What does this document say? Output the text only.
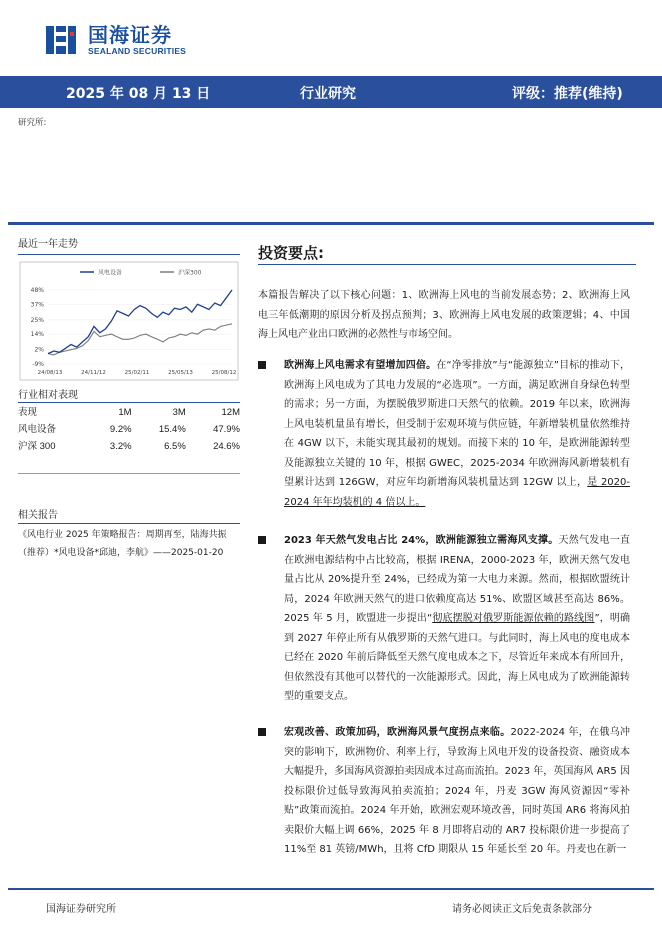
国海证券
SEALAND SECURITIES
2025 年 08 月 13 日	行业研究	评级：推荐(维持)
研究所:
最近一年走势
风电设备	沪深300
-9%
2%
14%
25%
37%
48%
24/08/13	24/11/12	25/02/11	25/05/13	25/08/12
行业相对表现
表现	1M	3M	12M
风电设备	9.2%	15.4%	47.9%
沪深 300	3.2%	6.5%	24.6%
相关报告
《风电行业 2025 年策略报告：周期再至，陆海共振（推荐）*风电设备*邱迪，李航》——2025-01-20
投资要点:
本篇报告解决了以下核心问题：1、欧洲海上风电的当前发展态势；2、欧洲海上风电三年低潮期的原因分析及拐点预判；3、欧洲海上风电发展的政策逻辑；4、中国海上风电产业出口欧洲的必然性与市场空间。
欧洲海上风电需求有望增加四倍。在“净零排放”与“能源独立”目标的推动下，欧洲海上风电成为了其电力发展的“必选项”。一方面，满足欧洲自身绿色转型的需求；另一方面，为摆脱俄罗斯进口天然气的依赖。2019 年以来，欧洲海上风电装机量虽有增长，但受制于宏观环境与供应链，年新增装机量依然维持在 4GW 以下，未能实现其最初的规划。而接下来的 10 年，是欧洲能源转型及能源独立关键的 10 年，根据 GWEC，2025-2034 年欧洲海风新增装机有望累计达到 126GW，对应年均新增海风装机量达到 12GW 以上，是 2020-2024 年年均装机的 4 倍以上。
2023 年天然气发电占比 24%，欧洲能源独立需海风支撑。天然气发电一直在欧洲电源结构中占比较高，根据 IRENA，2000-2023 年，欧洲天然气发电量占比从 20%提升至 24%，已经成为第一大电力来源。然而，根据欧盟统计局，2024 年欧洲天然气的进口依赖度高达 51%、欧盟区域甚至高达 86%。2025 年 5 月，欧盟进一步提出“彻底摆脱对俄罗斯能源依赖的路线图”，明确到 2027 年停止所有从俄罗斯的天然气进口。与此同时，海上风电的度电成本已经在 2020 年前后降低至天然气度电成本之下，尽管近年来成本有所回升，但依然没有其他可以替代的一次能源形式。因此，海上风电成为了欧洲能源转型的重要支点。
宏观改善、政策加码，欧洲海风景气度拐点来临。2022-2024 年，在俄乌冲突的影响下，欧洲物价、利率上行，导致海上风电开发的设备投资、融资成本大幅提升，多国海风资源拍卖因成本过高而流拍。2023 年，英国海风 AR5 因投标限价过低导致海风拍卖流拍；2024 年，丹麦 3GW 海风资源因“零补贴”政策而流拍。2024 年开始，欧洲宏观环境改善，同时英国 AR6 将海风拍卖限价大幅上调 66%，2025 年 8 月即将启动的 AR7 投标限价进一步提高了 11%至 81 英镑/MWh，且将 CfD 期限从 15 年延长至 20 年。丹麦也在新一
国海证券研究所	请务必阅读正文后免责条款部分
